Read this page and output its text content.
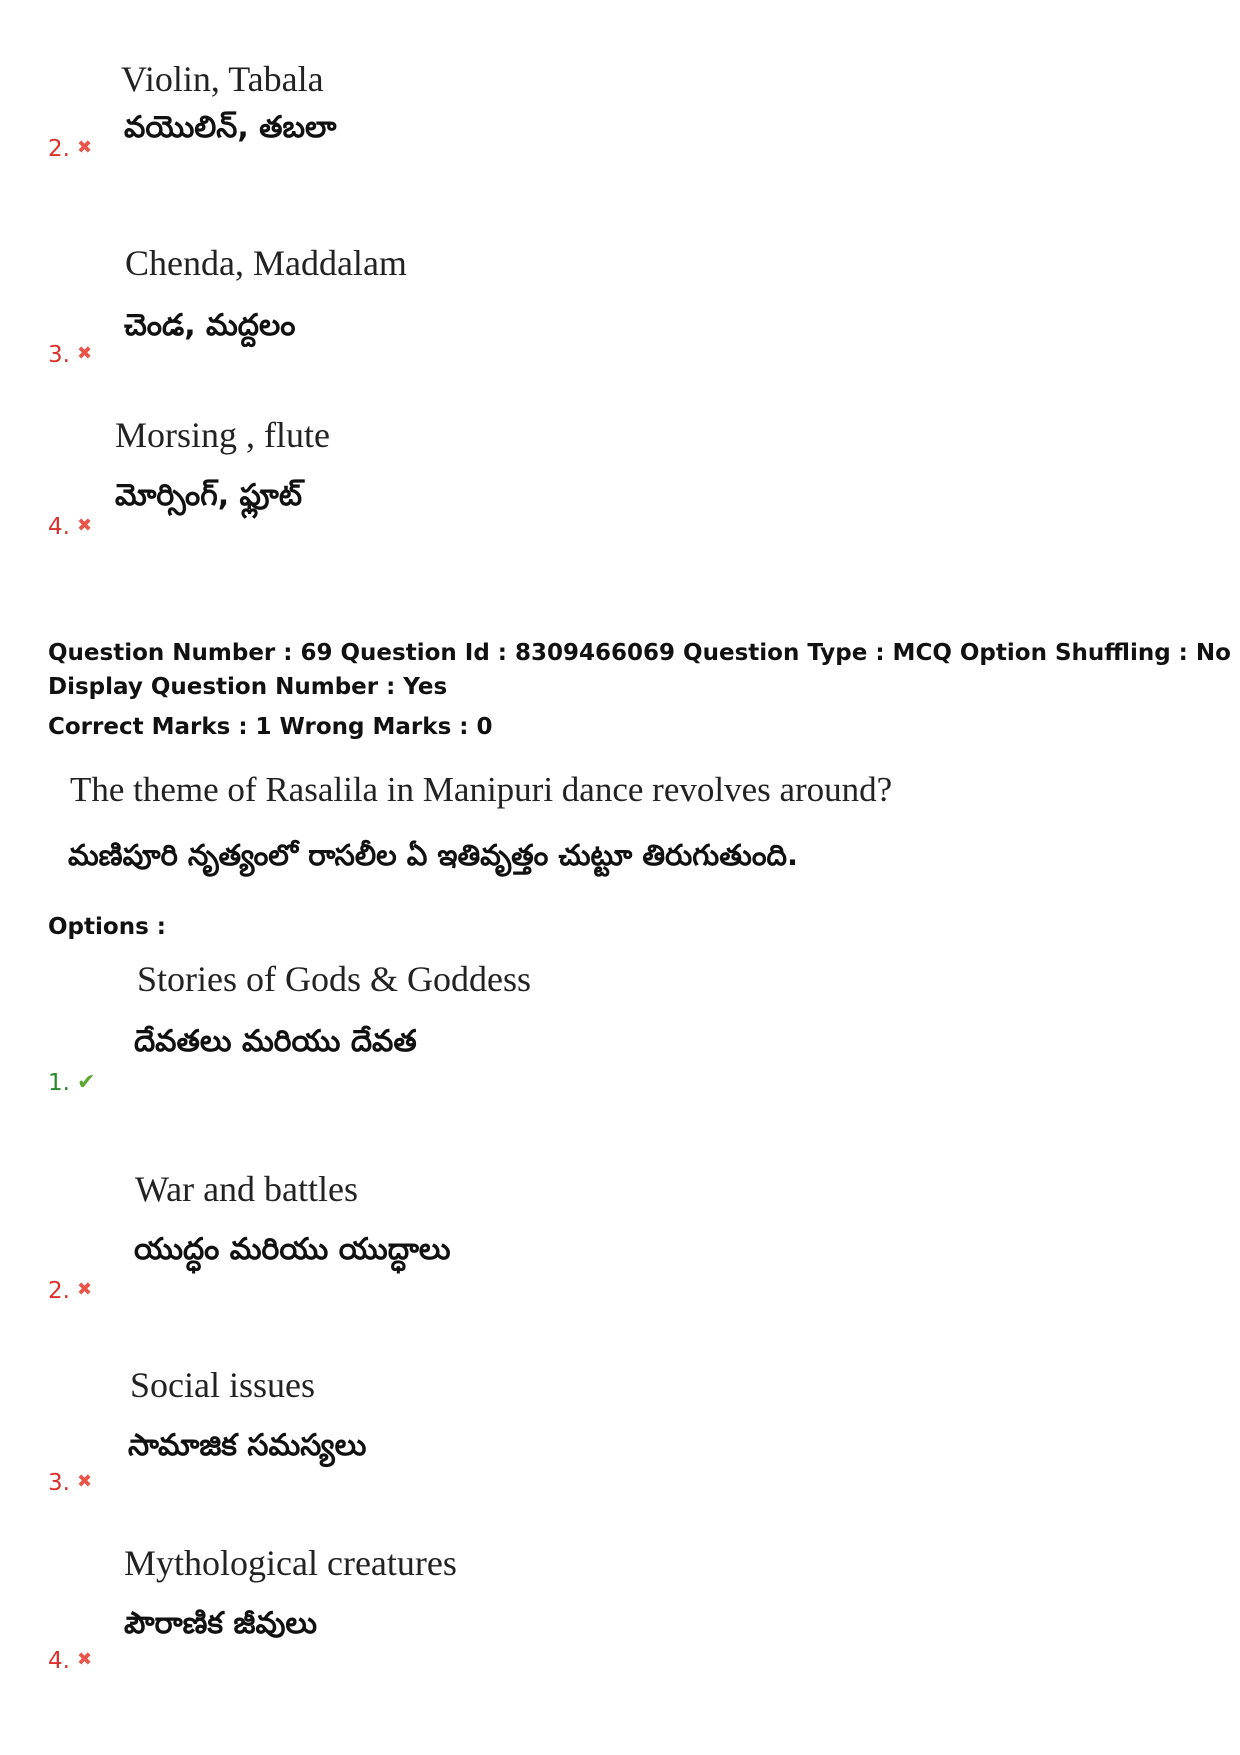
Violin, Tabala
వయొలిన్, తబలా
2. ✖
Chenda, Maddalam
చెండ, మద్దలం
3. ✖
Morsing , flute
మోర్సింగ్, ఫ్లూట్
4. ✖
Question Number : 69 Question Id : 8309466069 Question Type : MCQ Option Shuffling : No
Display Question Number : Yes
Correct Marks : 1 Wrong Marks : 0
The theme of Rasalila in Manipuri dance revolves around?
మణిపూరి నృత్యంలో రాసలీల ఏ ఇతివృత్తం చుట్టూ తిరుగుతుంది.
Options :
Stories of Gods & Goddess
దేవతలు మరియు దేవత
1. ✔
War and battles
యుద్ధం మరియు యుద్ధాలు
2. ✖
Social issues
సామాజిక సమస్యలు
3. ✖
Mythological creatures
పౌరాణిక జీవులు
4. ✖
